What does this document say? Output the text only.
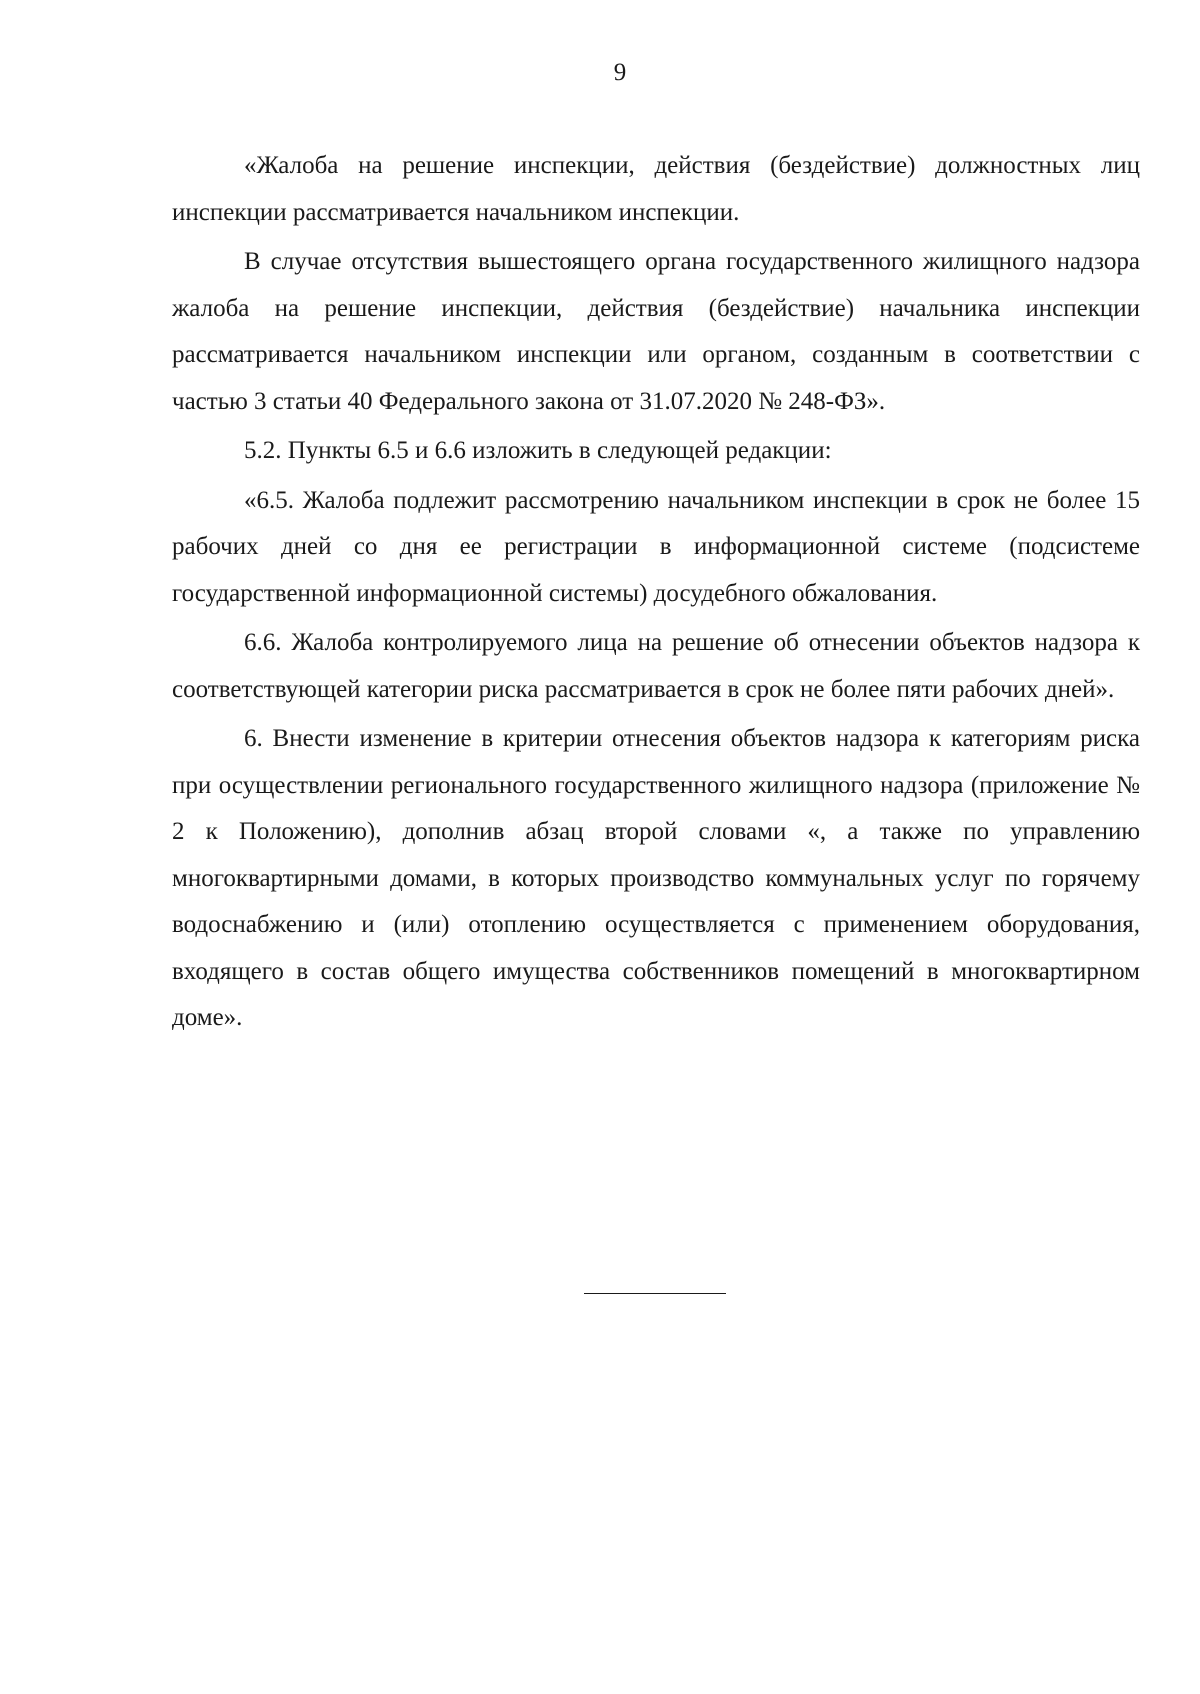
9

«Жалоба на решение инспекции, действия (бездействие) должностных лиц инспекции рассматривается начальником инспекции.

В случае отсутствия вышестоящего органа государственного жилищного надзора жалоба на решение инспекции, действия (бездействие) начальника инспекции рассматривается начальником инспекции или органом, созданным в соответствии с частью 3 статьи 40 Федерального закона от 31.07.2020 № 248-ФЗ».

5.2. Пункты 6.5 и 6.6 изложить в следующей редакции:

«6.5. Жалоба подлежит рассмотрению начальником инспекции в срок не более 15 рабочих дней со дня ее регистрации в информационной системе (подсистеме государственной информационной системы) досудебного обжалования.

6.6. Жалоба контролируемого лица на решение об отнесении объектов надзора к соответствующей категории риска рассматривается в срок не более пяти рабочих дней».

6. Внести изменение в критерии отнесения объектов надзора к категориям риска при осуществлении регионального государственного жилищного надзора (приложение № 2 к Положению), дополнив абзац второй словами «, а также по управлению многоквартирными домами, в которых производство коммунальных услуг по горячему водоснабжению и (или) отоплению осуществляется с применением оборудования, входящего в состав общего имущества собственников помещений в многоквартирном доме».
